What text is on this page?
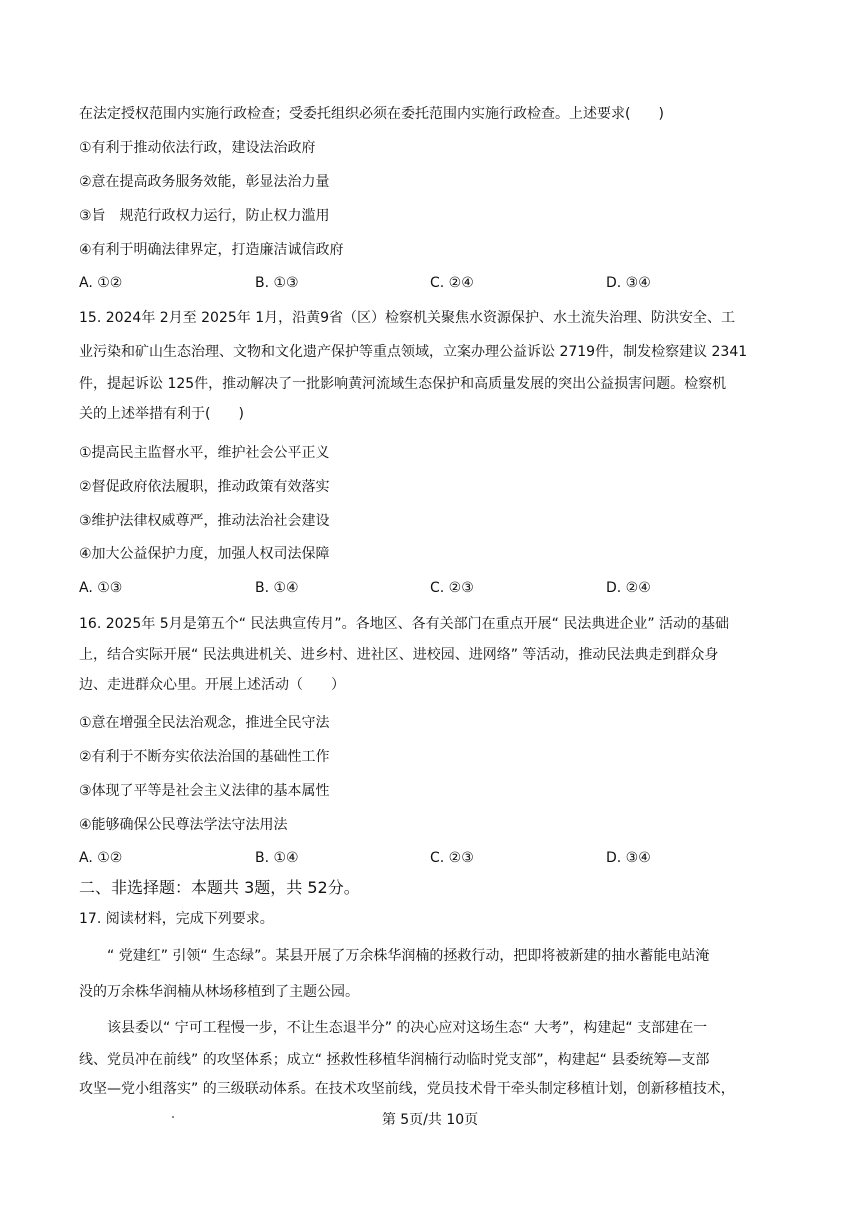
在法定授权范围内实施行政检查；受委托组织必须在委托范围内实施行政检查。上述要求(　　)
①有利于推动依法行政，建设法治政府
②意在提高政务服务效能，彰显法治力量
③旨　规范行政权力运行，防止权力滥用
④有利于明确法律界定，打造廉洁诚信政府
A. ①②	B. ①③	C. ②④	D. ③④
15. 2024年 2月至 2025年 1月，沿黄9省（区）检察机关聚焦水资源保护、水土流失治理、防洪安全、工
业污染和矿山生态治理、文物和文化遗产保护等重点领域，立案办理公益诉讼 2719件，制发检察建议 2341
件，提起诉讼 125件，推动解决了一批影响黄河流域生态保护和高质量发展的突出公益损害问题。检察机
关的上述举措有利于(　　)
①提高民主监督水平，维护社会公平正义
②督促政府依法履职，推动政策有效落实
③维护法律权威尊严，推动法治社会建设
④加大公益保护力度，加强人权司法保障
A. ①③	B. ①④	C. ②③	D. ②④
16. 2025年 5月是第五个“ 民法典宣传月”。各地区、各有关部门在重点开展“ 民法典进企业” 活动的基础
上，结合实际开展“ 民法典进机关、进乡村、进社区、进校园、进网络” 等活动，推动民法典走到群众身
边、走进群众心里。开展上述活动（　　）
①意在增强全民法治观念，推进全民守法
②有利于不断夯实依法治国的基础性工作
③体现了平等是社会主义法律的基本属性
④能够确保公民尊法学法守法用法
A. ①②	B. ①④	C. ②③	D. ③④
二、非选择题：本题共 3题，共 52分。
17. 阅读材料，完成下列要求。
“ 党建红” 引领“ 生态绿”。某县开展了万余株华润楠的拯救行动，把即将被新建的抽水蓄能电站淹
没的万余株华润楠从林场移植到了主题公园。
该县委以“ 宁可工程慢一步，不让生态退半分” 的决心应对这场生态“ 大考”，构建起“ 支部建在一
线、党员冲在前线” 的攻坚体系；成立“ 拯救性移植华润楠行动临时党支部”，构建起“ 县委统筹—支部
攻坚—党小组落实” 的三级联动体系。在技术攻坚前线，党员技术骨干牵头制定移植计划，创新移植技术，
第 5页/共 10页
